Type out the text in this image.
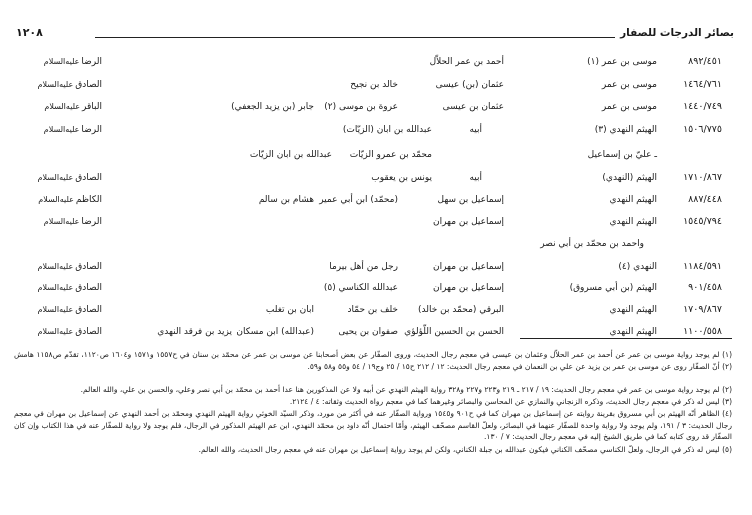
بصائر الدرجات للصفار
١٢٠٨
٨٩٢/٤٥١
موسى بن عمر (١)
أحمد بن عمر الحلاّل
الرضاعليه‌السلام
١٤٦٤/٧٦١
موسى بن عمر
عثمان (بن) عيسى
خالد بن نجيح
الصادقعليه‌السلام
١٤٤٠/٧٤٩
موسى بن عمر
عثمان بن عيسى
عروة بن موسى (٢)
جابر (بن يزيد الجعفي)
الباقرعليه‌السلام
١٥٠٦/٧٧٥
الهيثم النهدي (٣)
أبيه
عبدالله بن ابان (الزيّات)
الرضاعليه‌السلام
ـ عليّ بن إسماعيل
محمّد بن عمرو الزيّات
عبدالله بن ابان الزيّات
١٧١٠/٨٦٧
الهيثم (النهدي)
أبيه
يونس بن يعقوب
الصادقعليه‌السلام
٨٨٧/٤٤٨
الهيثم النهدي
إسماعيل بن سهل
(محمّد) ابن أبي عمير
هشام بن سالم
الكاظمعليه‌السلام
١٥٤٥/٧٩٤
الهيثم النهدي
إسماعيل بن مهران
الرضاعليه‌السلام
واحمد بن محمّد بن أبي نصر
١١٨٤/٥٩١
النهدي (٤)
إسماعيل بن مهران
رجل من أهل بيرما
الصادقعليه‌السلام
٩٠١/٤٥٨
الهيثم (بن أبي مسروق)
إسماعيل بن مهران
عبدالله الكناسي (٥)
الصادقعليه‌السلام
١٧٠٩/٨٦٧
الهيثم النهدي
البرقي (محمّد بن خالد)
خلف بن حمّاد
ابان بن تغلب
الصادقعليه‌السلام
١١٠٠/٥٥٨
الهيثم النهدي
الحسن بن الحسين اللّؤلؤي
صفوان بن يحيى
(عبدالله) ابن مسكان
يزيد بن فرقد النهدي
الصادقعليه‌السلام
(١) لم يوجد رواية موسى بن عمر عن أحمد بن عمر الحلاّل وعثمان بن عيسى في معجم رجال الحديث، وروى الصفّار عن بعض أصحابنا عن موسى بن عمر عن محمّد بن سنان في ح١٥٥٧ و١٥٧١ و١٦٠٤ ص١١٢٠، تقدّم ص١١٥٨ هامش (٢) أنّ الصفّار روى عن موسى بن عمر بن يزيد عن علي بن النعمان في معجم رجال الحديث: ١٢ / ٢١٢ ح١٥ / ٢٥ وج١٩ / ٥٤ و٥٥ و٥٨ و٥٩.
(٢) لم يوجد رواية موسى بن عمر في معجم رجال الحديث: ١٩ / ٢١٧ ـ ٢١٩ و٢٢٣ و٢٢٧ و٣٢٨ رواية الهيثم النهدي عن أبيه ولا عن المذكورين هنا عدا أحمد بن محمّد بن أبي نصر وعلي، والحسن بن علي، والله العالم.
(٣) ليس له ذكر في معجم رجال الحديث، وذكره الزنجاني والنمازي عن المحاسن والبصائر وغيرهما كما في معجم رواة الحديث وثقاته: ٤ / ٢١٢٤.
(٤) الظاهر أنّه الهيثم بن أبي مسروق بقرينة روايته عن إسماعيل بن مهران كما في ح٩٠١ و١٥٤٥ ورواية الصفّار عنه في أكثر من مورد، وذكر السيّد الخوئي رواية الهيثم النهدي ومحمّد بن أحمد النهدي عن إسماعيل بن مهران في معجم رجال الحديث: ٣ / ١٩١، ولم يوجد ولا رواية واحدة للصفّار عنهما في البصائر، ولعلّ القاسم مصحّف الهيثم، وأمّا احتمال أنّه داود بن محمّد النهدي، ابن عم الهيثم المذكور في الرجال، فلم يوجد ولا رواية للصفّار عنه في هذا الكتاب وإن كان الصفّار قد روى كتابه كما في طريق الشيخ إليه في معجم رجال الحديث: ٧ / ١٣٠.
(٥) ليس له ذكر في الرجال، ولعلّ الكناسي مصحّف الكناني فيكون عبدالله بن جبلة الكناني، ولكن لم يوجد رواية إسماعيل بن مهران عنه في معجم رجال الحديث، والله العالم.
